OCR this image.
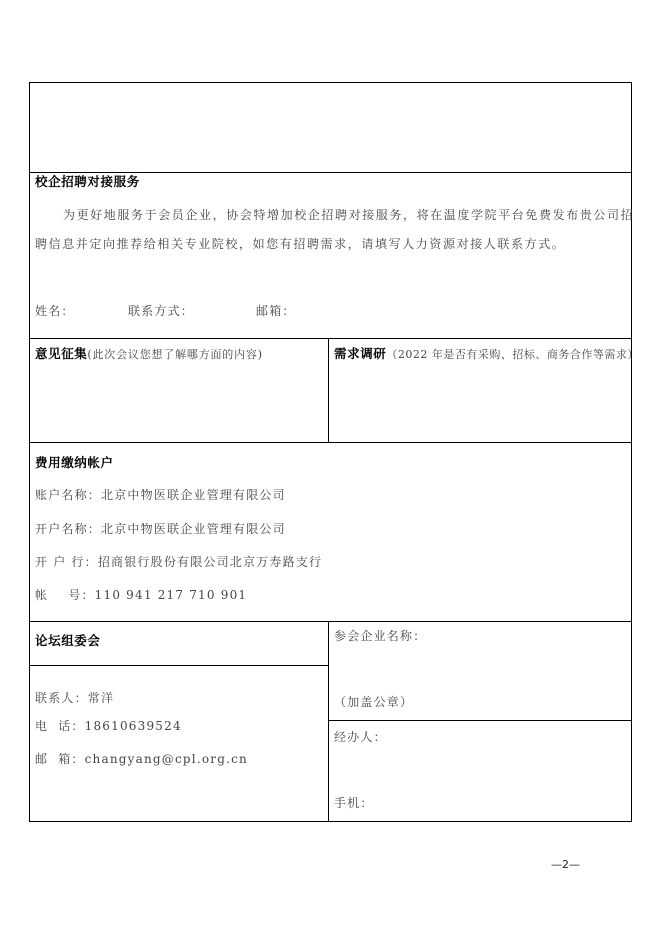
校企招聘对接服务
为更好地服务于会员企业，协会特增加校企招聘对接服务，将在温度学院平台免费发布贵公司招
聘信息并定向推荐给相关专业院校，如您有招聘需求，请填写人力资源对接人联系方式。
姓名：	联系方式：	邮箱：
意见征集(此次会议您想了解哪方面的内容)	需求调研（2022 年是否有采购、招标、商务合作等需求）
费用缴纳帐户
账户名称：北京中物医联企业管理有限公司
开户名称：北京中物医联企业管理有限公司
开 户 行：招商银行股份有限公司北京万寿路支行
帐    号：110 941 217 710 901
论坛组委会
联系人：常洋
电  话：18610639524
邮  箱：changyang@cpl.org.cn
参会企业名称：
（加盖公章）
经办人：
手机：
—2—
